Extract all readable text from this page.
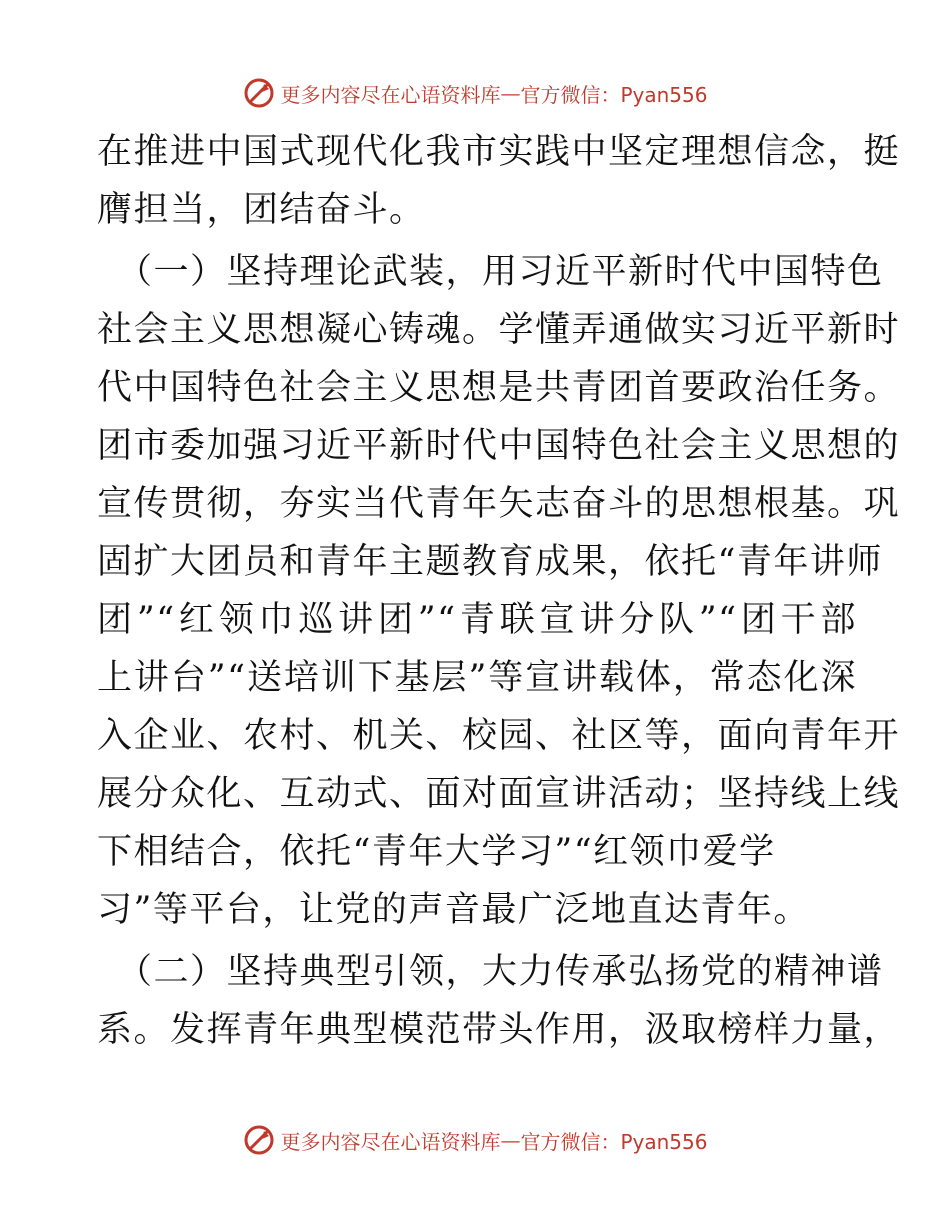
更多内容尽在心语资料库 — 官方微信：Pyan556
在推进中国式现代化我市实践中坚定理想信念，挺
膺担当，团结奋斗。
（一）坚持理论武装，用习近平新时代中国特色
社会主义思想凝心铸魂。学懂弄通做实习近平新时
代中国特色社会主义思想是共青团首要政治任务。
团市委加强习近平新时代中国特色社会主义思想的
宣传贯彻，夯实当代青年矢志奋斗的思想根基。巩
固扩大团员和青年主题教育成果，依托“青年讲师
团”“红领巾巡讲团”“青联宣讲分队”“团干部
上讲台”“送培训下基层”等宣讲载体，常态化深
入企业、农村、机关、校园、社区等，面向青年开
展分众化、互动式、面对面宣讲活动；坚持线上线
下相结合，依托“青年大学习”“红领巾爱学
习”等平台，让党的声音最广泛地直达青年。
（二）坚持典型引领，大力传承弘扬党的精神谱
系。发挥青年典型模范带头作用，汲取榜样力量，
更多内容尽在心语资料库 — 官方微信：Pyan556
